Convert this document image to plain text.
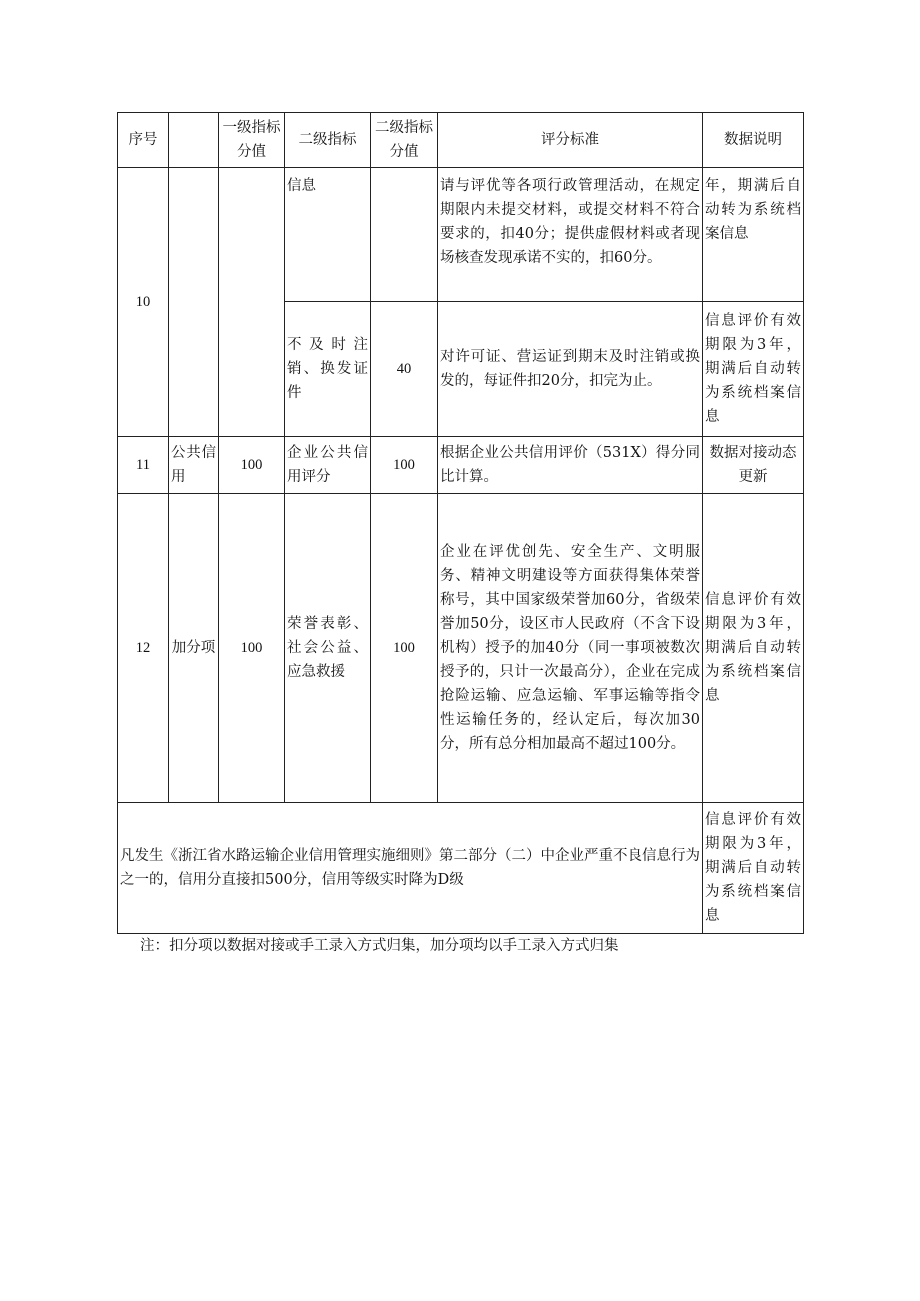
序号		一级指标分值	二级指标	二级指标分值	评分标准	数据说明
10			信息		请与评优等各项行政管理活动，在规定期限内未提交材料，或提交材料不符合要求的，扣40分；提供虚假材料或者现场核查发现承诺不实的，扣60分。	年，期满后自动转为系统档案信息
			不及时注销、换发证件	40	对许可证、营运证到期末及时注销或换发的，每证件扣20分，扣完为止。	信息评价有效期限为3年，期满后自动转为系统档案信息
11	公共信用	100	企业公共信用评分	100	根据企业公共信用评价（531X）得分同比计算。	数据对接动态更新
12	加分项	100	荣誉表彰、社会公益、应急救援	100	企业在评优创先、安全生产、文明服务、精神文明建设等方面获得集体荣誉称号，其中国家级荣誉加60分，省级荣誉加50分，设区市人民政府（不含下设机构）授予的加40分（同一事项被数次授予的，只计一次最高分），企业在完成抢险运输、应急运输、军事运输等指令性运输任务的，经认定后，每次加30分，所有总分相加最高不超过100分。	信息评价有效期限为3年，期满后自动转为系统档案信息
凡发生《浙江省水路运输企业信用管理实施细则》第二部分（二）中企业严重不良信息行为之一的，信用分直接扣500分，信用等级实时降为D级						信息评价有效期限为3年，期满后自动转为系统档案信息
注：扣分项以数据对接或手工录入方式归集，加分项均以手工录入方式归集
